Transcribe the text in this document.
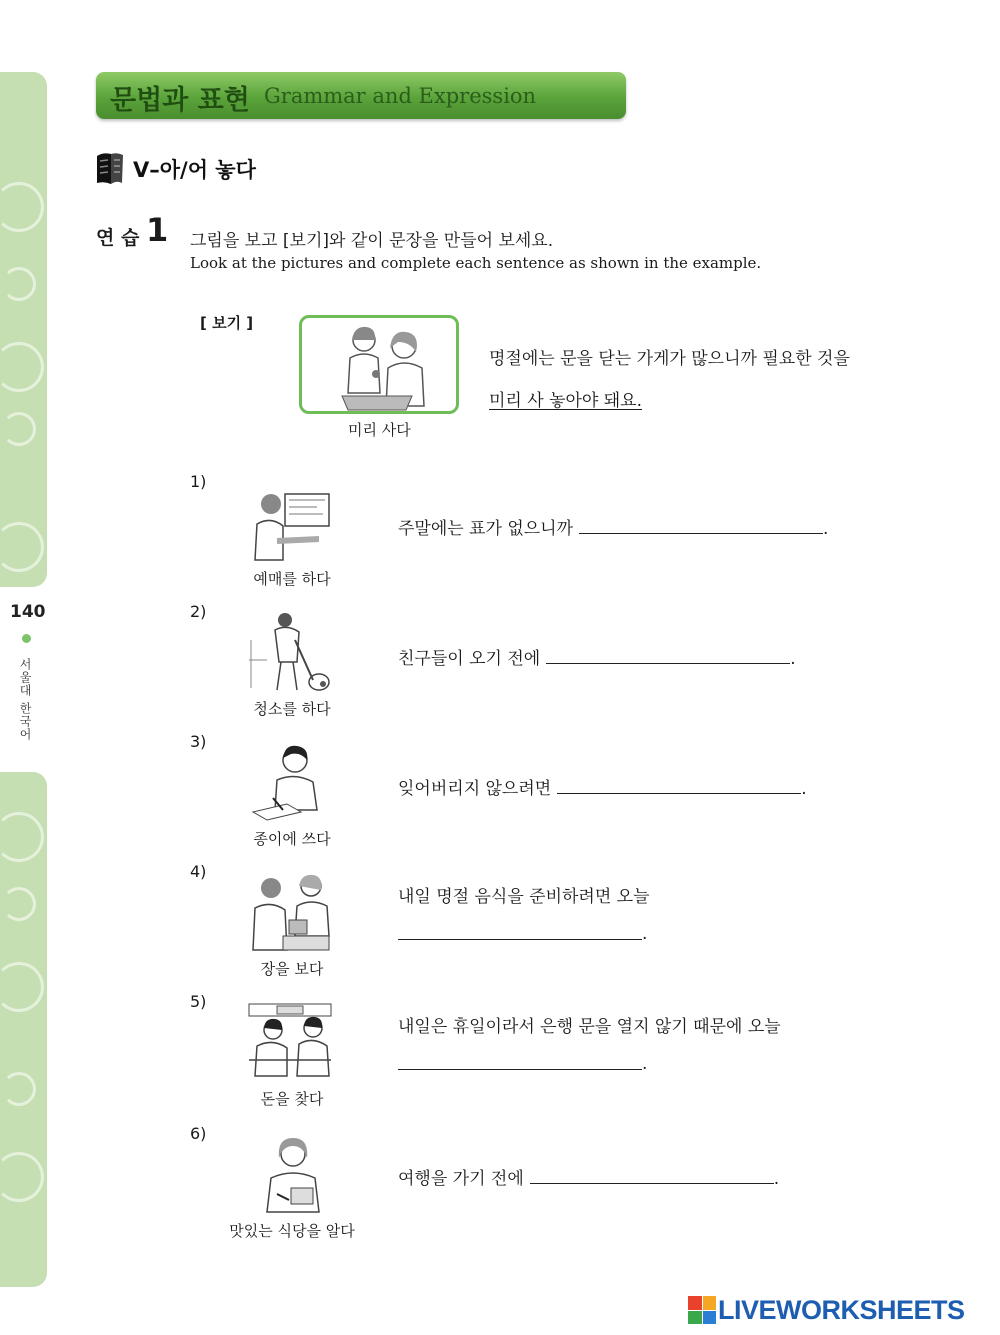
140
서울대 한국어
문법과 표현 Grammar and Expression
V–아/어 놓다
연 습 1 그림을 보고 [보기]와 같이 문장을 만들어 보세요.
Look at the pictures and complete each sentence as shown in the example.
[ 보기 ]
미리 사다
명절에는 문을 닫는 가게가 많으니까 필요한 것을
미리 사 놓아야 돼요.
1)
예매를 하다
주말에는 표가 없으니까	.
2)
청소를 하다
친구들이 오기 전에	.
3)
종이에 쓰다
잊어버리지 않으려면	.
4)
장을 보다
내일 명절 음식을 준비하려면 오늘
.
5)
돈을 찾다
내일은 휴일이라서 은행 문을 열지 않기 때문에 오늘
.
6)
맛있는 식당을 알다
여행을 가기 전에	.
LIVEWORKSHEETS
